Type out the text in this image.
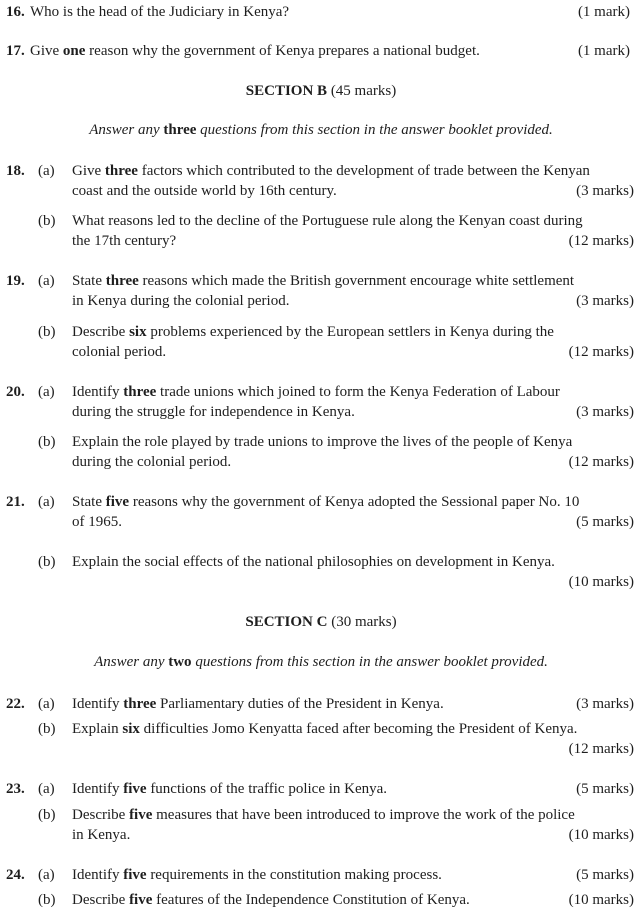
16. Who is the head of the Judiciary in Kenya?	(1 mark)
17. Give one reason why the government of Kenya prepares a national budget.	(1 mark)
SECTION B (45 marks)
Answer any three questions from this section in the answer booklet provided.
18. (a) Give three factors which contributed to the development of trade between the Kenyan
coast and the outside world by 16th century.	(3 marks)
(b) What reasons led to the decline of the Portuguese rule along the Kenyan coast during
the 17th century?	(12 marks)
19. (a) State three reasons which made the British government encourage white settlement
in Kenya during the colonial period.	(3 marks)
(b) Describe six problems experienced by the European settlers in Kenya during the
colonial period.	(12 marks)
20. (a) Identify three trade unions which joined to form the Kenya Federation of Labour
during the struggle for independence in Kenya.	(3 marks)
(b) Explain the role played by trade unions to improve the lives of the people of Kenya
during the colonial period.	(12 marks)
21. (a) State five reasons why the government of Kenya adopted the Sessional paper No. 10
of 1965.	(5 marks)
(b) Explain the social effects of the national philosophies on development in Kenya.
(10 marks)
SECTION C (30 marks)
Answer any two questions from this section in the answer booklet provided.
22. (a) Identify three Parliamentary duties of the President in Kenya.	(3 marks)
(b) Explain six difficulties Jomo Kenyatta faced after becoming the President of Kenya.
(12 marks)
23. (a) Identify five functions of the traffic police in Kenya.	(5 marks)
(b) Describe five measures that have been introduced to improve the work of the police
in Kenya.	(10 marks)
24. (a) Identify five requirements in the constitution making process.	(5 marks)
(b) Describe five features of the Independence Constitution of Kenya.	(10 marks)
